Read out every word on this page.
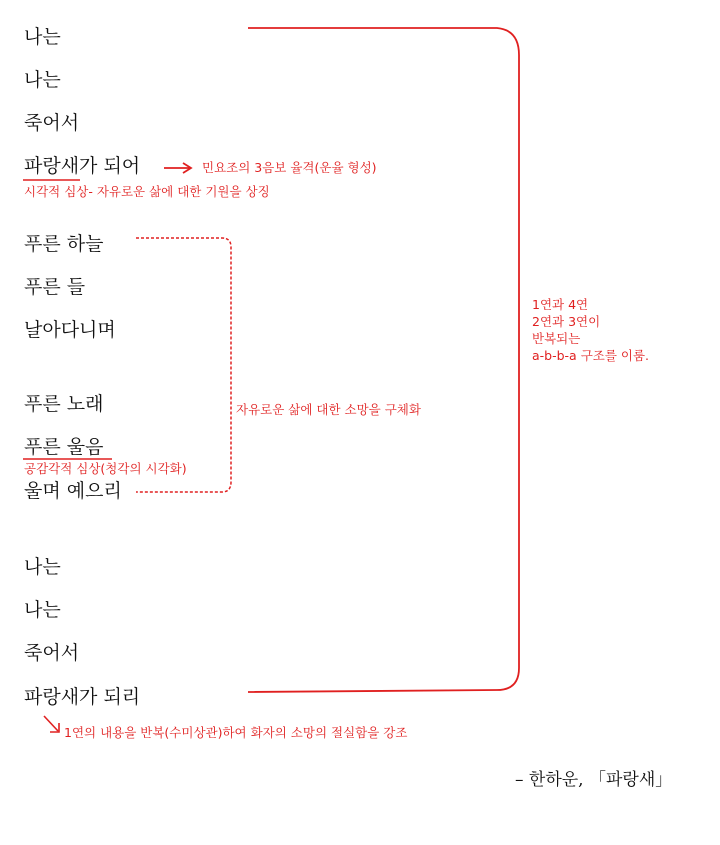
나는
나는
죽어서
파랑새가 되어
푸른 하늘
푸른 들
날아다니며
푸른 노래
푸른 울음
울며 예으리
나는
나는
죽어서
파랑새가 되리
민요조의 3음보 율격(운율 형성)
시각적 심상- 자유로운 삶에 대한 기원을 상징
자유로운 삶에 대한 소망을 구체화
공감각적 심상(청각의 시각화)
1연의 내용을 반복(수미상관)하여 화자의 소망의 절실함을 강조
1연과 4연
2연과 3연이
반복되는
a-b-b-a 구조를 이룸.
– 한하운, 「파랑새」
